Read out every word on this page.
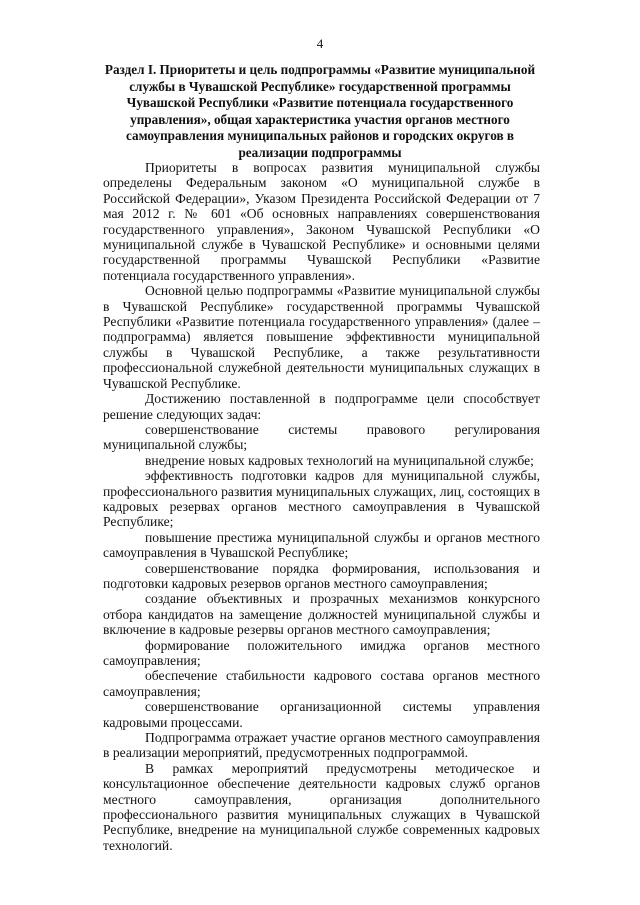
4
Раздел I. Приоритеты и цель подпрограммы «Развитие муниципальной службы в Чувашской Республике» государственной программы Чувашской Республики «Развитие потенциала государственного управления», общая характеристика участия органов местного самоуправления муниципальных районов и городских округов в реализации подпрограммы

Приоритеты в вопросах развития муниципальной службы определены Федеральным законом «О муниципальной службе в Российской Федерации», Указом Президента Российской Федерации от 7 мая 2012 г. № 601 «Об основных направлениях совершенствования государственного управления», Законом Чувашской Республики «О муниципальной службе в Чувашской Республике» и основными целями государственной программы Чувашской Республики «Развитие потенциала государственного управления».

Основной целью подпрограммы «Развитие муниципальной службы в Чувашской Республике» государственной программы Чувашской Республики «Развитие потенциала государственного управления» (далее – подпрограмма) является повышение эффективности муниципальной службы в Чувашской Республике, а также результативности профессиональной служебной деятельности муниципальных служащих в Чувашской Республике.

Достижению поставленной в подпрограмме цели способствует решение следующих задач:

совершенствование системы правового регулирования муниципальной службы;

внедрение новых кадровых технологий на муниципальной службе;

эффективность подготовки кадров для муниципальной службы, профессионального развития муниципальных служащих, лиц, состоящих в кадровых резервах органов местного самоуправления в Чувашской Республике;

повышение престижа муниципальной службы и органов местного самоуправления в Чувашской Республике;

совершенствование порядка формирования, использования и подготовки кадровых резервов органов местного самоуправления;

создание объективных и прозрачных механизмов конкурсного отбора кандидатов на замещение должностей муниципальной службы и включение в кадровые резервы органов местного самоуправления;

формирование положительного имиджа органов местного самоуправления;

обеспечение стабильности кадрового состава органов местного самоуправления;

совершенствование организационной системы управления кадровыми процессами.

Подпрограмма отражает участие органов местного самоуправления в реализации мероприятий, предусмотренных подпрограммой.

В рамках мероприятий предусмотрены методическое и консультационное обеспечение деятельности кадровых служб органов местного самоуправления, организация дополнительного профессионального развития муниципальных служащих в Чувашской Республике, внедрение на муниципальной службе современных кадровых технологий.
